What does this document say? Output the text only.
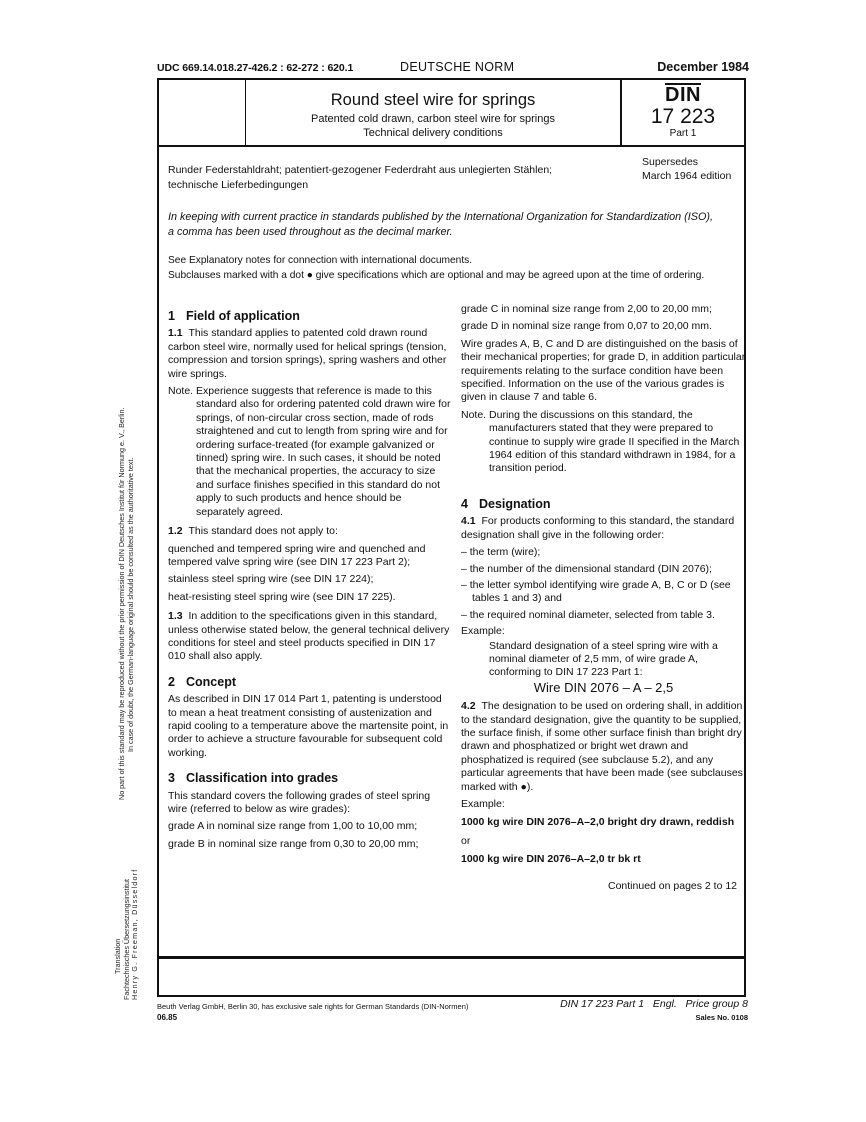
UDC 669.14.018.27-426.2 : 62-272 : 620.1	DEUTSCHE NORM	December 1984
Round steel wire for springs
Patented cold drawn, carbon steel wire for springs
Technical delivery conditions
DIN
17 223
Part 1
Runder Federstahldraht; patentiert-gezogener Federdraht aus unlegierten Stählen;
technische Lieferbedingungen
Supersedes
March 1964 edition
In keeping with current practice in standards published by the International Organization for Standardization (ISO),
a comma has been used throughout as the decimal marker.
See Explanatory notes for connection with international documents.
Subclauses marked with a dot ● give specifications which are optional and may be agreed upon at the time of ordering.
1 Field of application

1.1 This standard applies to patented cold drawn round carbon steel wire, normally used for helical springs (tension, compression and torsion springs), spring washers and other wire springs.

Note. Experience suggests that reference is made to this

standard also for ordering patented cold drawn wire for springs, of non-circular cross section, made of rods straightened and cut to length from spring wire and for ordering surface-treated (for example galvanized or tinned) spring wire. In such cases, it should be noted that the mechanical properties, the accuracy to size and surface finishes specified in this standard do not apply to such products and hence should be separately agreed.

1.2 This standard does not apply to:

quenched and tempered spring wire and quenched and tempered valve spring wire (see DIN 17 223 Part 2);

stainless steel spring wire (see DIN 17 224);

heat-resisting steel spring wire (see DIN 17 225).

1.3 In addition to the specifications given in this standard, unless otherwise stated below, the general technical delivery conditions for steel and steel products specified in DIN 17 010 shall also apply.

2 Concept

As described in DIN 17 014 Part 1, patenting is understood to mean a heat treatment consisting of austenization and rapid cooling to a temperature above the martensite point, in order to achieve a structure favourable for subsequent cold working.

3 Classification into grades

This standard covers the following grades of steel spring wire (referred to below as wire grades):

grade A in nominal size range from 1,00 to 10,00 mm;

grade B in nominal size range from 0,30 to 20,00 mm;

grade C in nominal size range from 2,00 to 20,00 mm;

grade D in nominal size range from 0,07 to 20,00 mm.

Wire grades A, B, C and D are distinguished on the basis of their mechanical properties; for grade D, in addition particular requirements relating to the surface condition have been specified. Information on the use of the various grades is given in clause 7 and table 6.

Note. During the discussions on this standard, the

manufacturers stated that they were prepared to continue to supply wire grade II specified in the March 1964 edition of this standard withdrawn in 1984, for a transition period.

4 Designation

4.1 For products conforming to this standard, the standard designation shall give in the following order:

– the term (wire);

– the number of the dimensional standard (DIN 2076);

– the letter symbol identifying wire grade A, B, C or D (see tables 1 and 3) and

– the required nominal diameter, selected from table 3.

Example:

Standard designation of a steel spring wire with a nominal diameter of 2,5 mm, of wire grade A, conforming to DIN 17 223 Part 1:

Wire DIN 2076 – A – 2,5

4.2 The designation to be used on ordering shall, in addition to the standard designation, give the quantity to be supplied, the surface finish, if some other surface finish than bright dry drawn and phosphatized or bright wet drawn and phosphatized is required (see subclause 5.2), and any particular agreements that have been made (see subclauses marked with ●).

Example:

1000 kg wire DIN 2076–A–2,0 bright dry drawn, reddish

or

1000 kg wire DIN 2076–A–2,0 tr bk rt

Continued on pages 2 to 12
Beuth Verlag GmbH, Berlin 30, has exclusive sale rights for German Standards (DIN-Normen)
06.85
DIN 17 223 Part 1   Engl.   Price group 8
Sales No. 0108
No part of this standard may be reproduced without the prior permission of DIN Deutsches Institut für Normung e. V., Berlin. In case of doubt, the German-language original should be consulted as the authoritative text.
Translation Fachtechnisches Übersetzungsinstitut Henry G. Freeman, Düsseldorf
